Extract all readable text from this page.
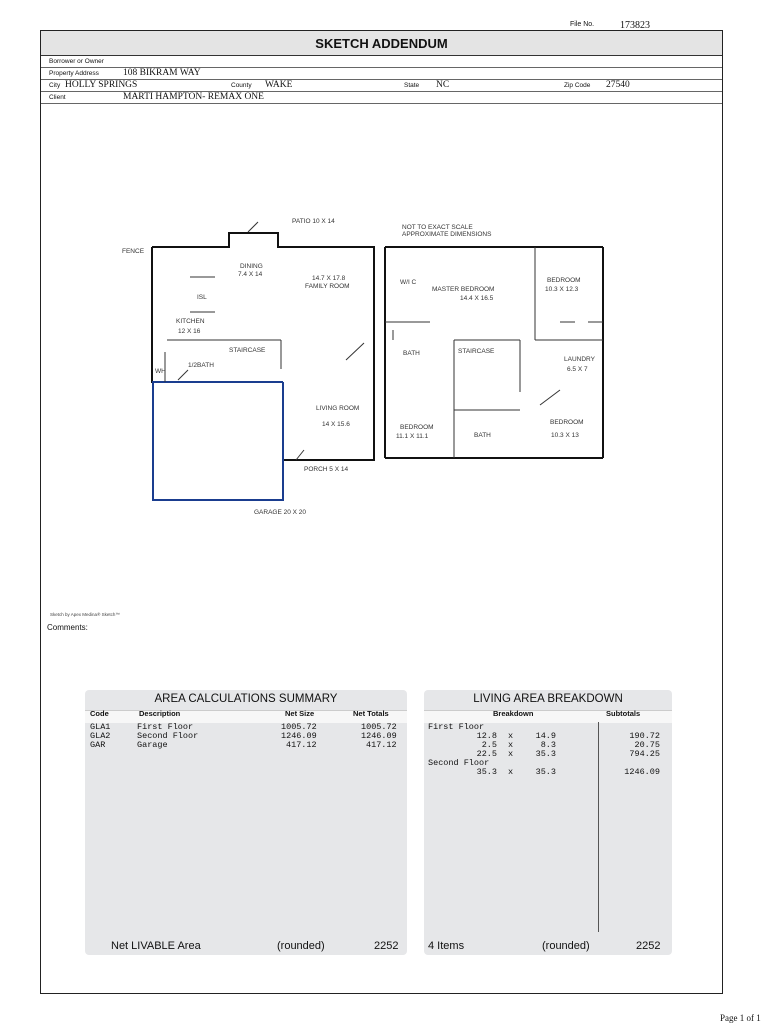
File No.	173823
SKETCH ADDENDUM
Borrower or Owner
Property Address	108 BIKRAM WAY
City HOLLY SPRINGS	County WAKE	State NC	Zip Code 27540
Client	MARTI HAMPTON- REMAX ONE
PATIO 10 X 14
NOT TO EXACT SCALE
APPROXIMATE DIMENSIONS
FENCE
DINING
7.4 X 14
14.7 X 17.8
FAMILY ROOM
ISL
KITCHEN
12 X 16
STAIRCASE
1/2BATH
WH
LIVING ROOM
14 X 15.6
PORCH 5 X 14
GARAGE 20 X 20
W/I C
MASTER BEDROOM
14.4 X 16.5
BEDROOM
10.3 X 12.3
BATH	STAIRCASE
LAUNDRY
6.5 X 7
BEDROOM
11.1 X 11.1	BATH
BEDROOM
10.3 X 13
Sketch by Apex Medina® Sketch™
Comments:
AREA CALCULATIONS SUMMARY
Code	Description	Net Size	Net Totals
GLA1	First Floor	1005.72	1005.72
GLA2	Second Floor	1246.09	1246.09
GAR	Garage	417.12	417.12
Net LIVABLE Area	(rounded)	2252
LIVING AREA BREAKDOWN
Breakdown	Subtotals
First Floor
12.8 x	14.9	190.72
2.5 x	8.3	20.75
22.5 x	35.3	794.25
Second Floor
35.3 x	35.3	1246.09
4 Items	(rounded)	2252
Page 1 of 1
